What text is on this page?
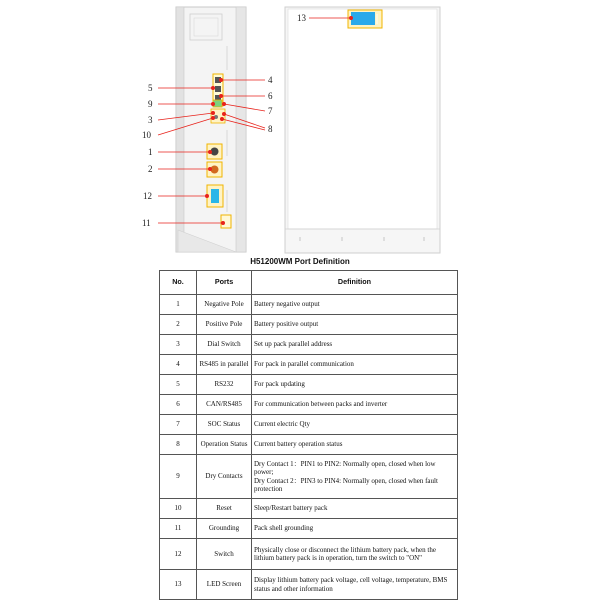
5
9
3
10
1
2
12
11
4
6
7
8
13
H51200WM Port Definition
No.	Ports	Definition
1	Negative Pole	Battery negative output
2	Positive Pole	Battery positive output
3	Dial Switch	Set up pack parallel address
4	RS485 in parallel	For pack in parallel communication
5	RS232	For pack updating
6	CAN/RS485	For communication between packs and inverter
7	SOC Status	Current electric Qty
8	Operation Status	Current battery operation status
9	Dry Contacts	Dry Contact 1：PIN1 to PIN2: Normally open, closed when low power;
Dry Contact 2：PIN3 to PIN4: Normally open, closed when fault protection
10	Reset	Sleep/Restart battery pack
11	Grounding	Pack shell grounding
12	Switch	Physically close or disconnect the lithium battery pack, when the lithium battery pack is in operation, turn the switch to "ON"
13	LED Screen	Display lithium battery pack voltage, cell voltage, temperature, BMS status and other information
